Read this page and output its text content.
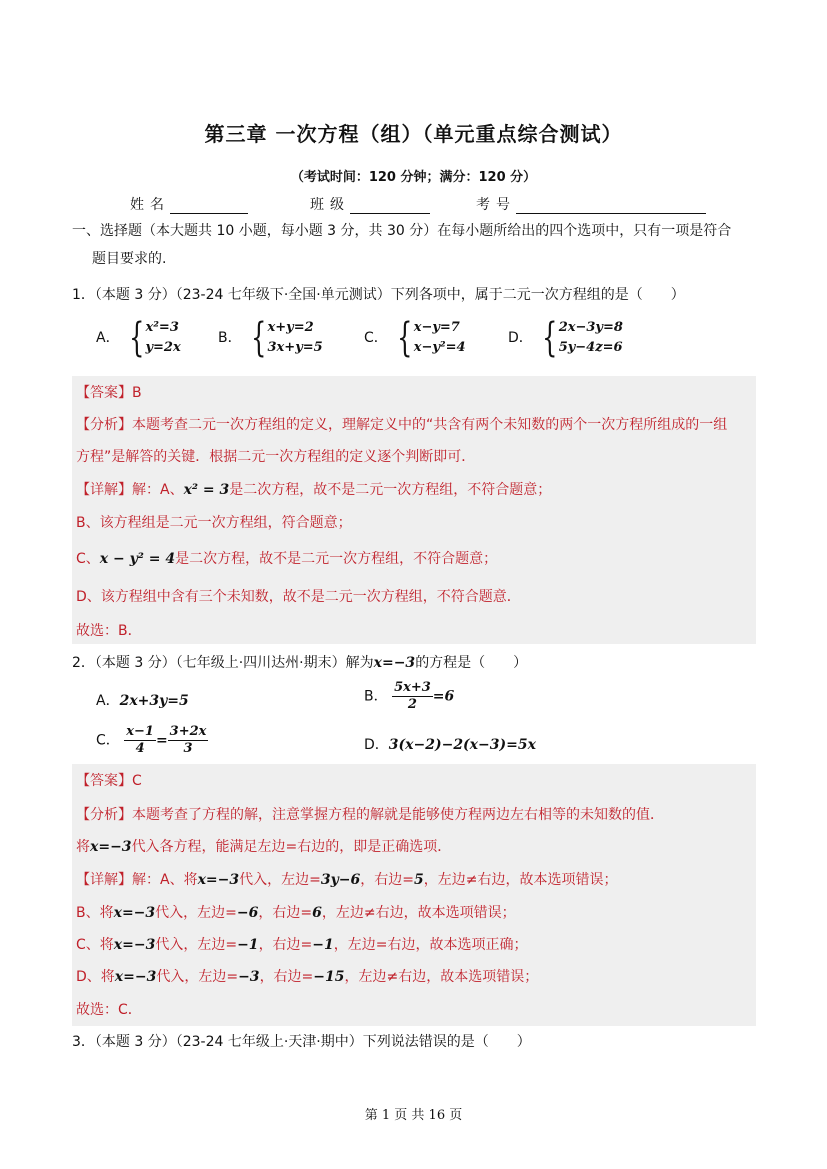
第三章 一次方程（组）（单元重点综合测试）
（考试时间：120 分钟；满分：120 分）
姓名	班级	考号
一、选择题（本大题共 10 小题，每小题 3 分，共 30 分）在每小题所给出的四个选项中，只有一项是符合
题目要求的.
1．（本题 3 分）（23-24 七年级下·全国·单元测试）下列各项中，属于二元一次方程组的是（　　）
A． { x²=3
y=2x
B． { x+y=2
3x+y=5
C． { x−y=7
x−y²=4
D． { 2x−3y=8
5y−4z=6
【答案】B
【分析】本题考查二元一次方程组的定义，理解定义中的“共含有两个未知数的两个一次方程所组成的一组
方程”是解答的关键．根据二元一次方程组的定义逐个判断即可．
【详解】解：A、x² = 3是二次方程，故不是二元一次方程组，不符合题意；
B、该方程组是二元一次方程组，符合题意；
C、x − y² = 4是二次方程，故不是二元一次方程组，不符合题意；
D、该方程组中含有三个未知数，故不是二元一次方程组，不符合题意．
故选：B．
2．（本题 3 分）（七年级上·四川达州·期末）解为x=−3的方程是（　　）
A．2x+3y=5	B． $\frac{5x+3}{2} =6$
C． $\frac{x-1}{4} = \frac{3+2x}{3}$	D．3(x−2)−2(x−3)=5x
【答案】C
【分析】本题考查了方程的解，注意掌握方程的解就是能够使方程两边左右相等的未知数的值．
将x=−3代入各方程，能满足左边=右边的，即是正确选项．
【详解】解：A、将x=−3代入，左边=3y−6，右边=5，左边≠右边，故本选项错误；
B、将x=−3代入，左边=−6，右边=6，左边≠右边，故本选项错误；
C、将x=−3代入，左边=−1，右边=−1，左边=右边，故本选项正确；
D、将x=−3代入，左边=−3，右边=−15，左边≠右边，故本选项错误；
故选：C．
3．（本题 3 分）（23-24 七年级上·天津·期中）下列说法错误的是（　　）
第 1 页 共 16 页
